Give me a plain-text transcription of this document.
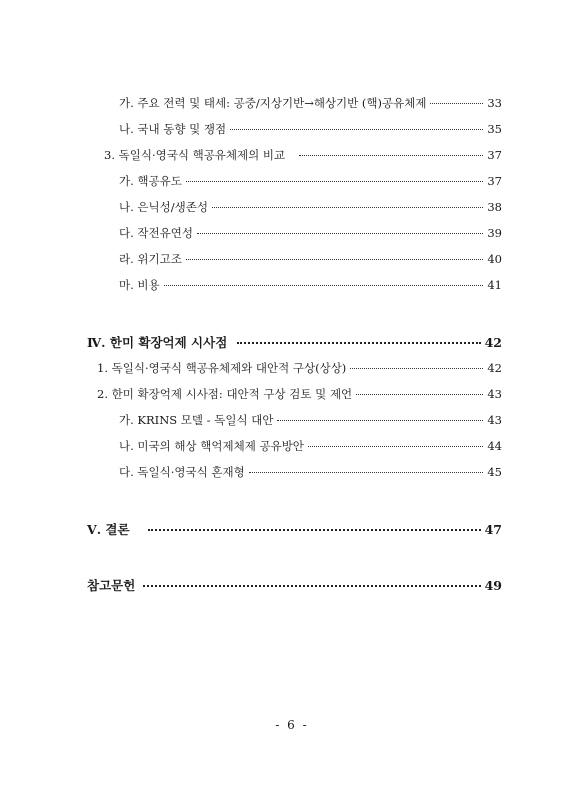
가. 주요 전력 및 태세: 공중/지상기반→해상기반 (핵)공유체제	33
나. 국내 동향 및 쟁점	35
3. 독일식·영국식 핵공유체제의 비교	37
가. 핵공유도	37
나. 은닉성/생존성	38
다. 작전유연성	39
라. 위기고조	40
마. 비용	41
Ⅳ. 한미 확장억제 시사점	42
1. 독일식·영국식 핵공유체제와 대안적 구상(상상)	42
2. 한미 확장억제 시사점: 대안적 구상 검토 및 제언	43
가. KRINS 모델 - 독일식 대안	43
나. 미국의 해상 핵억제체제 공유방안	44
다. 독일식·영국식 혼재형	45
Ⅴ. 결론	47
참고문헌	49
- 6 -
